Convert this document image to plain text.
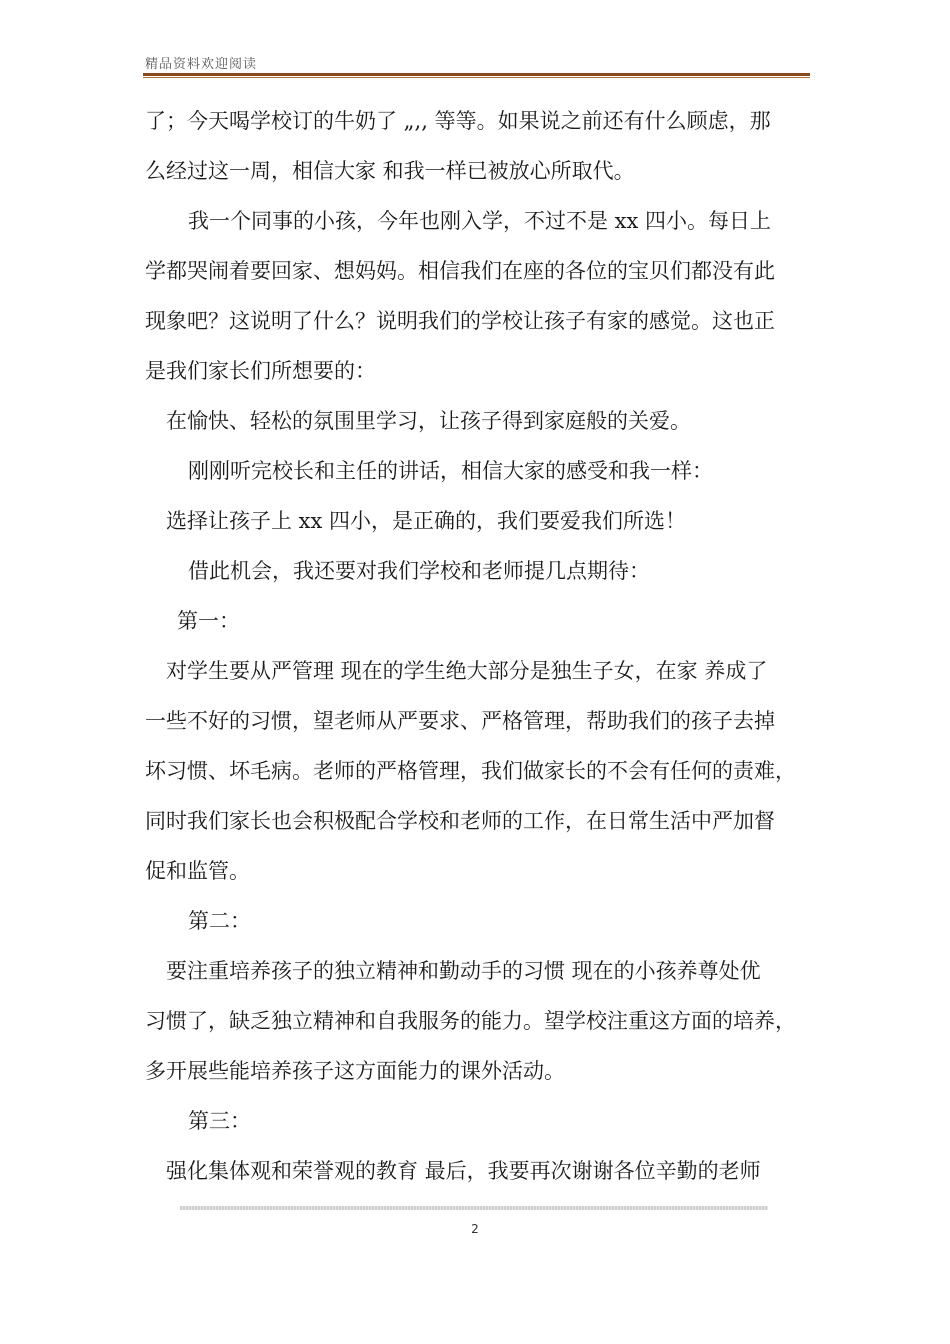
精品资料欢迎阅读
了；今天喝学校订的牛奶了 „,, 等等。如果说之前还有什么顾虑，那
么经过这一周，相信大家 和我一样已被放心所取代。
我一个同事的小孩，今年也刚入学，不过不是 xx 四小。每日上
学都哭闹着要回家、想妈妈。相信我们在座的各位的宝贝们都没有此
现象吧？这说明了什么？说明我们的学校让孩子有家的感觉。这也正
是我们家长们所想要的：
在愉快、轻松的氛围里学习，让孩子得到家庭般的关爱。
刚刚听完校长和主任的讲话，相信大家的感受和我一样：
选择让孩子上 xx 四小，是正确的，我们要爱我们所选！
借此机会，我还要对我们学校和老师提几点期待：
第一：
对学生要从严管理 现在的学生绝大部分是独生子女，在家 养成了
一些不好的习惯，望老师从严要求、严格管理，帮助我们的孩子去掉
坏习惯、坏毛病。老师的严格管理，我们做家长的不会有任何的责难，
同时我们家长也会积极配合学校和老师的工作，在日常生活中严加督
促和监管。
第二：
要注重培养孩子的独立精神和勤动手的习惯 现在的小孩养尊处优
习惯了，缺乏独立精神和自我服务的能力。望学校注重这方面的培养，
多开展些能培养孩子这方面能力的课外活动。
第三：
强化集体观和荣誉观的教育 最后，我要再次谢谢各位辛勤的老师
2
